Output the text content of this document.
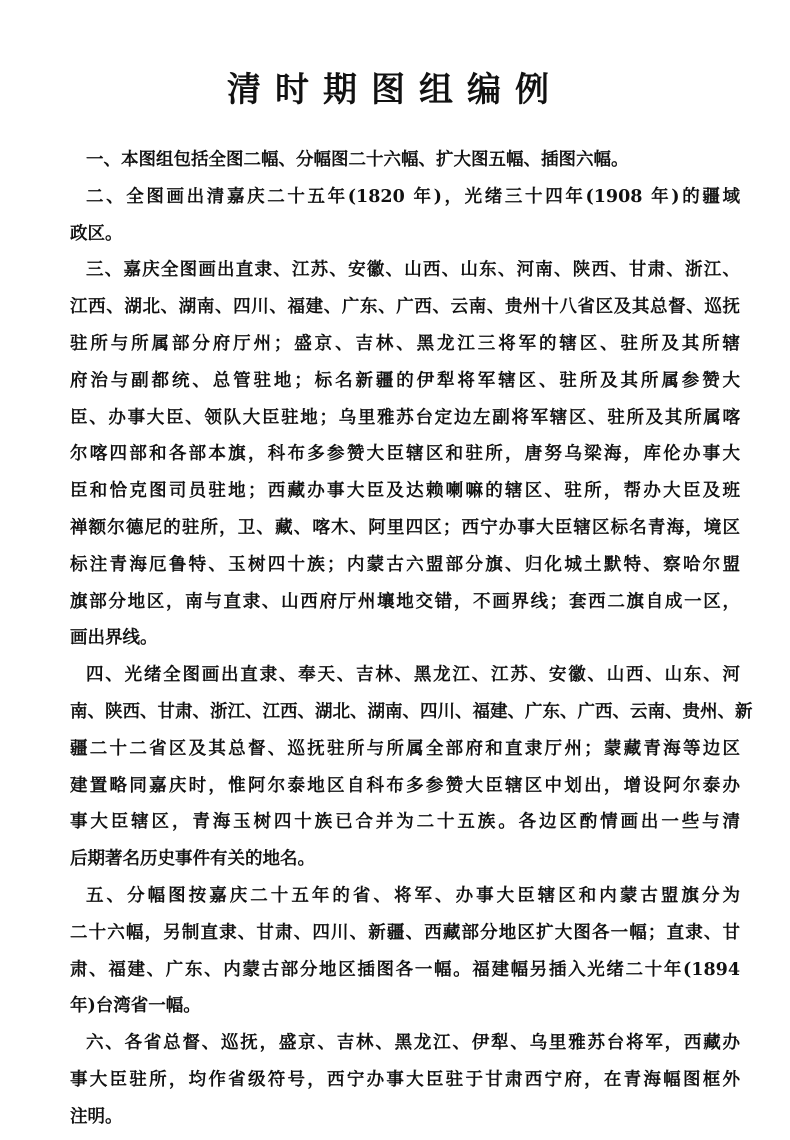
清时期图组编例
一、本图组包括全图二幅、分幅图二十六幅、扩大图五幅、插图六幅。
二、全图画出清嘉庆二十五年(1820 年)，光绪三十四年(1908 年)的疆域
政区。
三、嘉庆全图画出直隶、江苏、安徽、山西、山东、河南、陕西、甘肃、浙江、
江西、湖北、湖南、四川、福建、广东、广西、云南、贵州十八省区及其总督、巡抚
驻所与所属部分府厅州；盛京、吉林、黑龙江三将军的辖区、驻所及其所辖
府治与副都统、总管驻地；标名新疆的伊犁将军辖区、驻所及其所属参赞大
臣、办事大臣、领队大臣驻地；乌里雅苏台定边左副将军辖区、驻所及其所属喀
尔喀四部和各部本旗，科布多参赞大臣辖区和驻所，唐努乌梁海，库伦办事大
臣和恰克图司员驻地；西藏办事大臣及达赖喇嘛的辖区、驻所，帮办大臣及班
禅额尔德尼的驻所，卫、藏、喀木、阿里四区；西宁办事大臣辖区标名青海，境区
标注青海厄鲁特、玉树四十族；内蒙古六盟部分旗、归化城土默特、察哈尔盟
旗部分地区，南与直隶、山西府厅州壤地交错，不画界线；套西二旗自成一区，
画出界线。
四、光绪全图画出直隶、奉天、吉林、黑龙江、江苏、安徽、山西、山东、河
南、陕西、甘肃、浙江、江西、湖北、湖南、四川、福建、广东、广西、云南、贵州、新
疆二十二省区及其总督、巡抚驻所与所属全部府和直隶厅州；蒙藏青海等边区
建置略同嘉庆时，惟阿尔泰地区自科布多参赞大臣辖区中划出，增设阿尔泰办
事大臣辖区，青海玉树四十族已合并为二十五族。各边区酌情画出一些与清
后期著名历史事件有关的地名。
五、分幅图按嘉庆二十五年的省、将军、办事大臣辖区和内蒙古盟旗分为
二十六幅，另制直隶、甘肃、四川、新疆、西藏部分地区扩大图各一幅；直隶、甘
肃、福建、广东、内蒙古部分地区插图各一幅。福建幅另插入光绪二十年(1894
年)台湾省一幅。
六、各省总督、巡抚，盛京、吉林、黑龙江、伊犁、乌里雅苏台将军，西藏办
事大臣驻所，均作省级符号，西宁办事大臣驻于甘肃西宁府，在青海幅图框外
注明。
